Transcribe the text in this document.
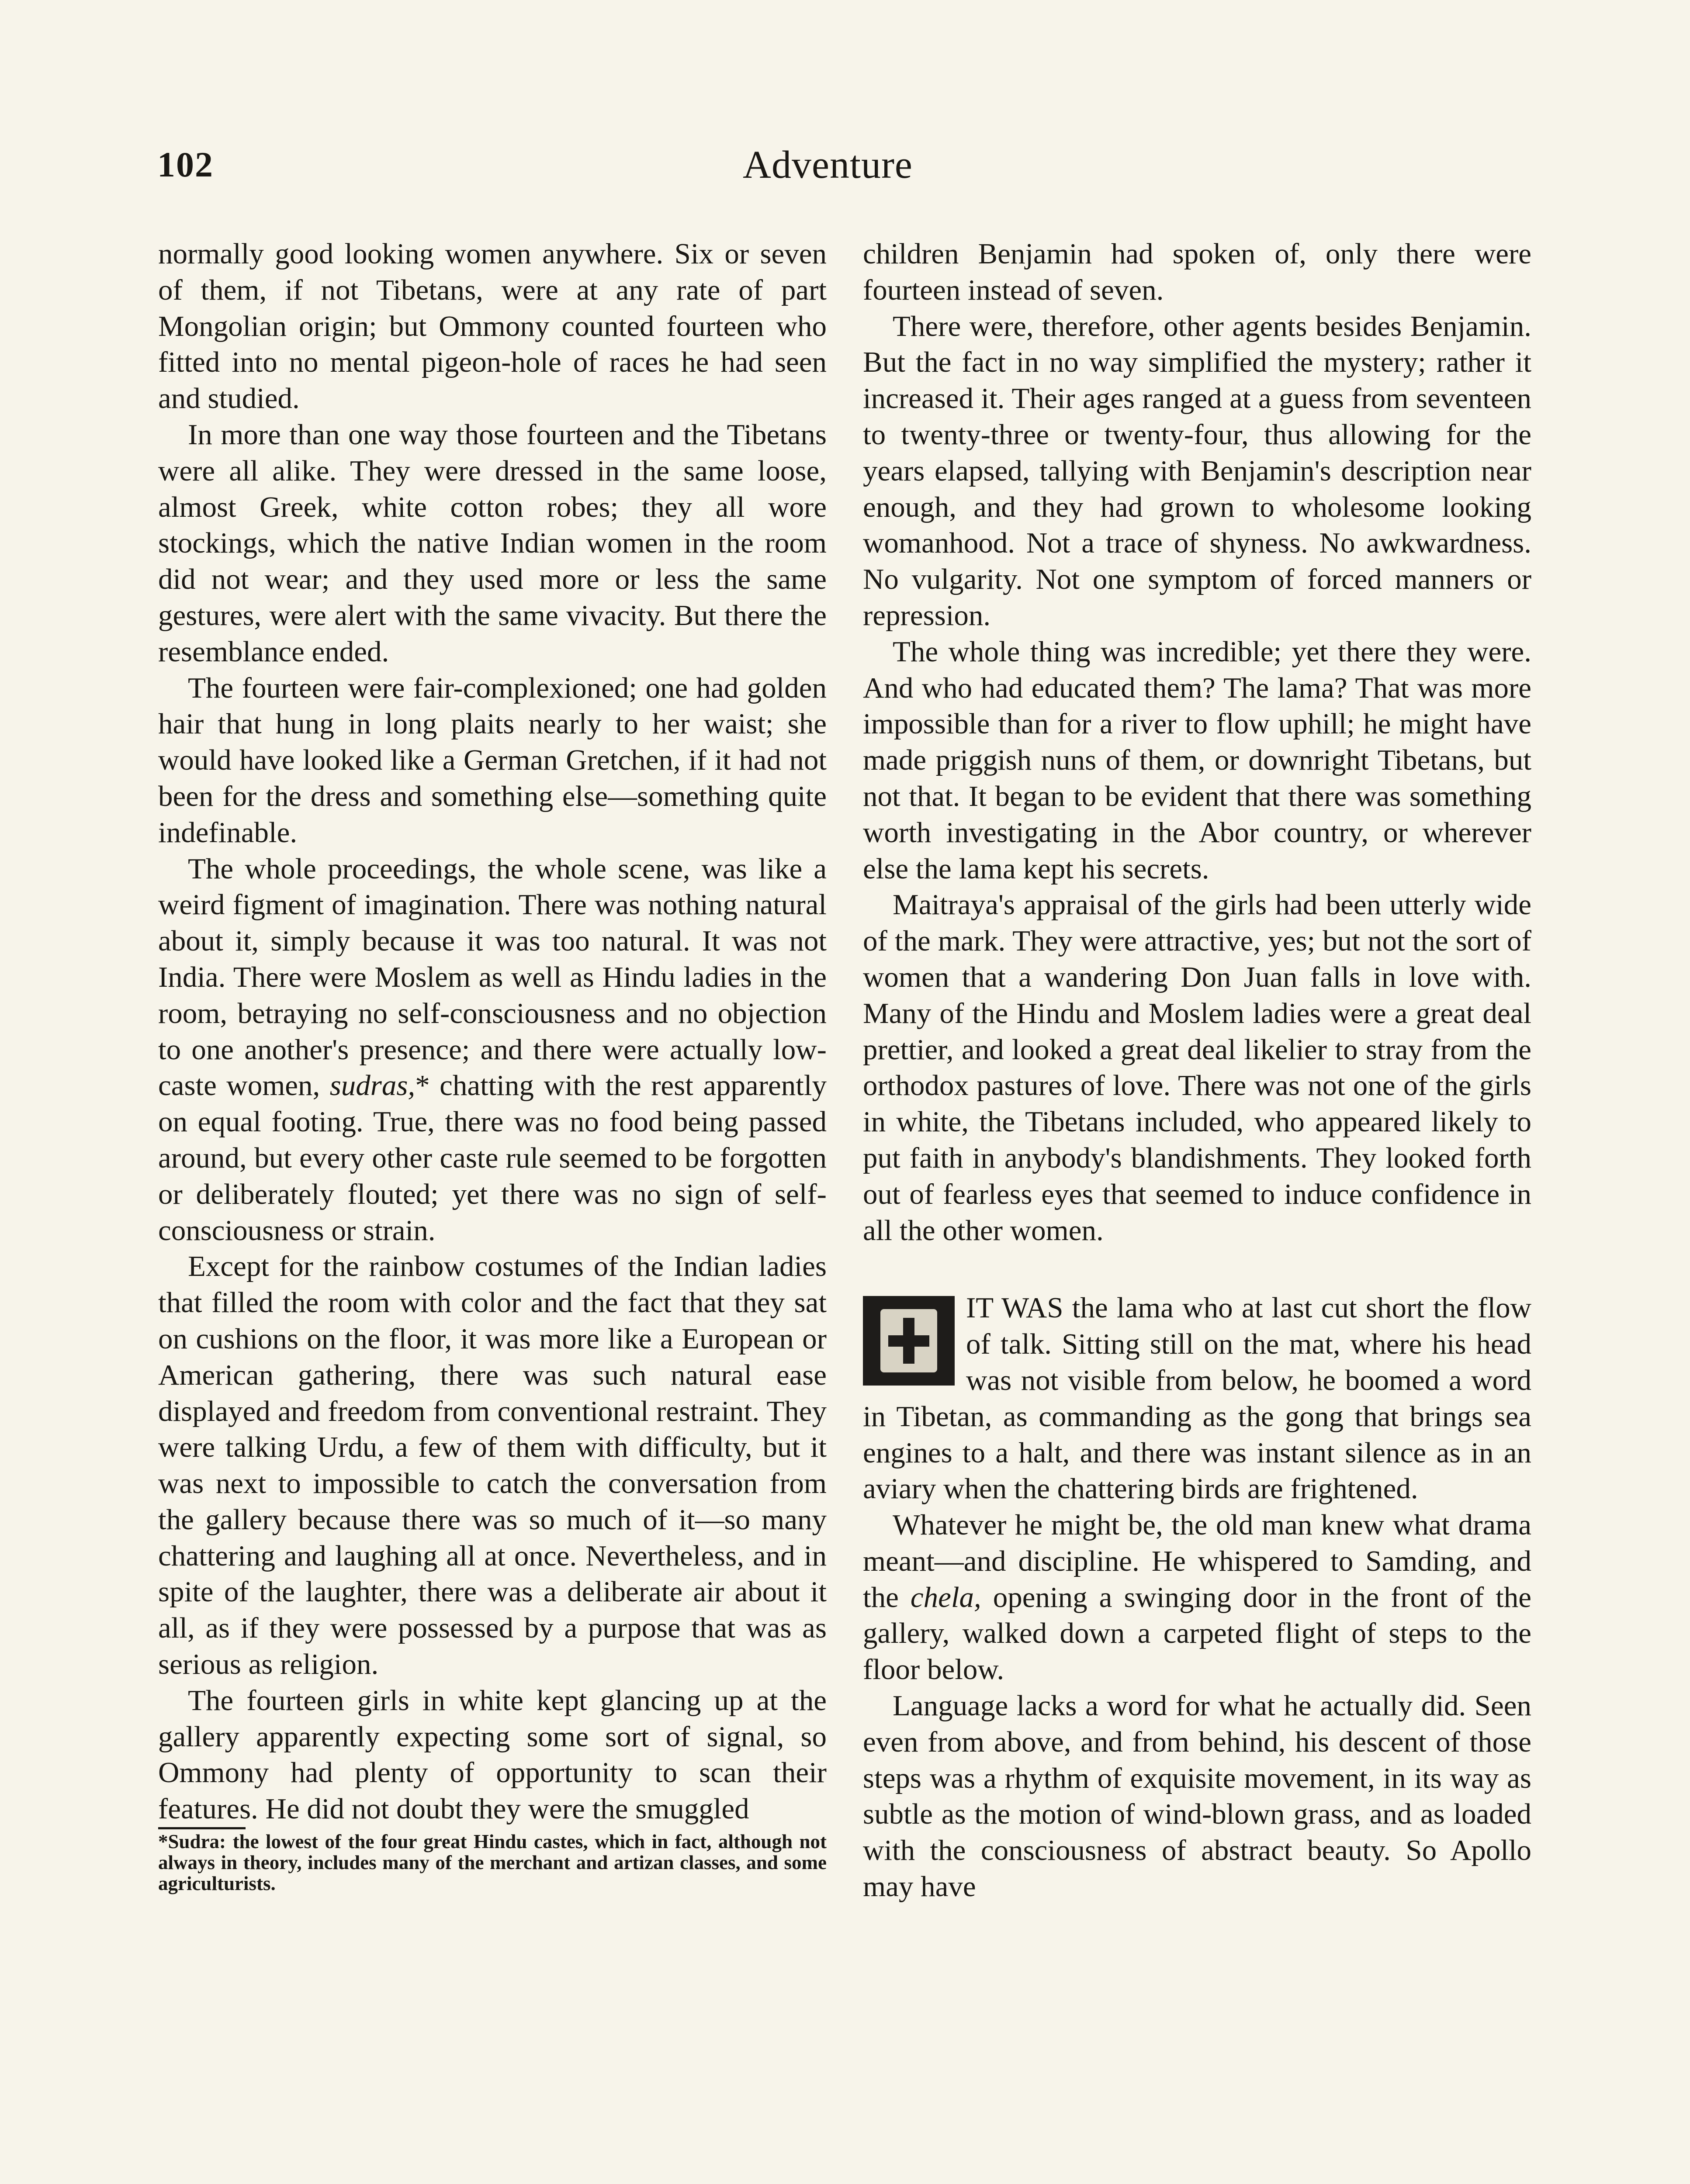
102	Adventure

normally good looking women anywhere. Six or seven of them, if not Tibetans, were at any rate of part Mongolian origin; but Ommony counted fourteen who fitted into no mental pigeon-hole of races he had seen and studied.

In more than one way those fourteen and the Tibetans were all alike. They were dressed in the same loose, almost Greek, white cotton robes; they all wore stockings, which the native Indian women in the room did not wear; and they used more or less the same gestures, were alert with the same vivacity. But there the resemblance ended.

The fourteen were fair-complexioned; one had golden hair that hung in long plaits nearly to her waist; she would have looked like a German Gretchen, if it had not been for the dress and something else—something quite indefinable.

The whole proceedings, the whole scene, was like a weird figment of imagination. There was nothing natural about it, simply because it was too natural. It was not India. There were Moslem as well as Hindu ladies in the room, betraying no self-consciousness and no objection to one another's presence; and there were actually low-caste women, sudras,* chatting with the rest apparently on equal footing. True, there was no food being passed around, but every other caste rule seemed to be forgotten or deliberately flouted; yet there was no sign of self-consciousness or strain.

Except for the rainbow costumes of the Indian ladies that filled the room with color and the fact that they sat on cushions on the floor, it was more like a European or American gathering, there was such natural ease displayed and freedom from conventional restraint. They were talking Urdu, a few of them with difficulty, but it was next to impossible to catch the conversation from the gallery because there was so much of it—so many chattering and laughing all at once. Nevertheless, and in spite of the laughter, there was a deliberate air about it all, as if they were possessed by a purpose that was as serious as religion.

The fourteen girls in white kept glancing up at the gallery apparently expecting some sort of signal, so Ommony had plenty of opportunity to scan their features. He did not doubt they were the smuggled

*Sudra: the lowest of the four great Hindu castes, which in fact, although not always in theory, includes many of the merchant and artizan classes, and some agriculturists.

children Benjamin had spoken of, only there were fourteen instead of seven.

There were, therefore, other agents besides Benjamin. But the fact in no way simplified the mystery; rather it increased it. Their ages ranged at a guess from seventeen to twenty-three or twenty-four, thus allowing for the years elapsed, tallying with Benjamin's description near enough, and they had grown to wholesome looking womanhood. Not a trace of shyness. No awkwardness. No vulgarity. Not one symptom of forced manners or repression.

The whole thing was incredible; yet there they were. And who had educated them? The lama? That was more impossible than for a river to flow uphill; he might have made priggish nuns of them, or downright Tibetans, but not that. It began to be evident that there was something worth investigating in the Abor country, or wherever else the lama kept his secrets.

Maitraya's appraisal of the girls had been utterly wide of the mark. They were attractive, yes; but not the sort of women that a wandering Don Juan falls in love with. Many of the Hindu and Moslem ladies were a great deal prettier, and looked a great deal likelier to stray from the orthodox pastures of love. There was not one of the girls in white, the Tibetans included, who appeared likely to put faith in anybody's blandishments. They looked forth out of fearless eyes that seemed to induce confidence in all the other women.

IT WAS the lama who at last cut short the flow of talk. Sitting still on the mat, where his head was not visible from below, he boomed a word in Tibetan, as commanding as the gong that brings sea engines to a halt, and there was instant silence as in an aviary when the chattering birds are frightened.

Whatever he might be, the old man knew what drama meant—and discipline. He whispered to Samding, and the chela, opening a swinging door in the front of the gallery, walked down a carpeted flight of steps to the floor below.

Language lacks a word for what he actually did. Seen even from above, and from behind, his descent of those steps was a rhythm of exquisite movement, in its way as subtle as the motion of wind-blown grass, and as loaded with the consciousness of abstract beauty. So Apollo may have
